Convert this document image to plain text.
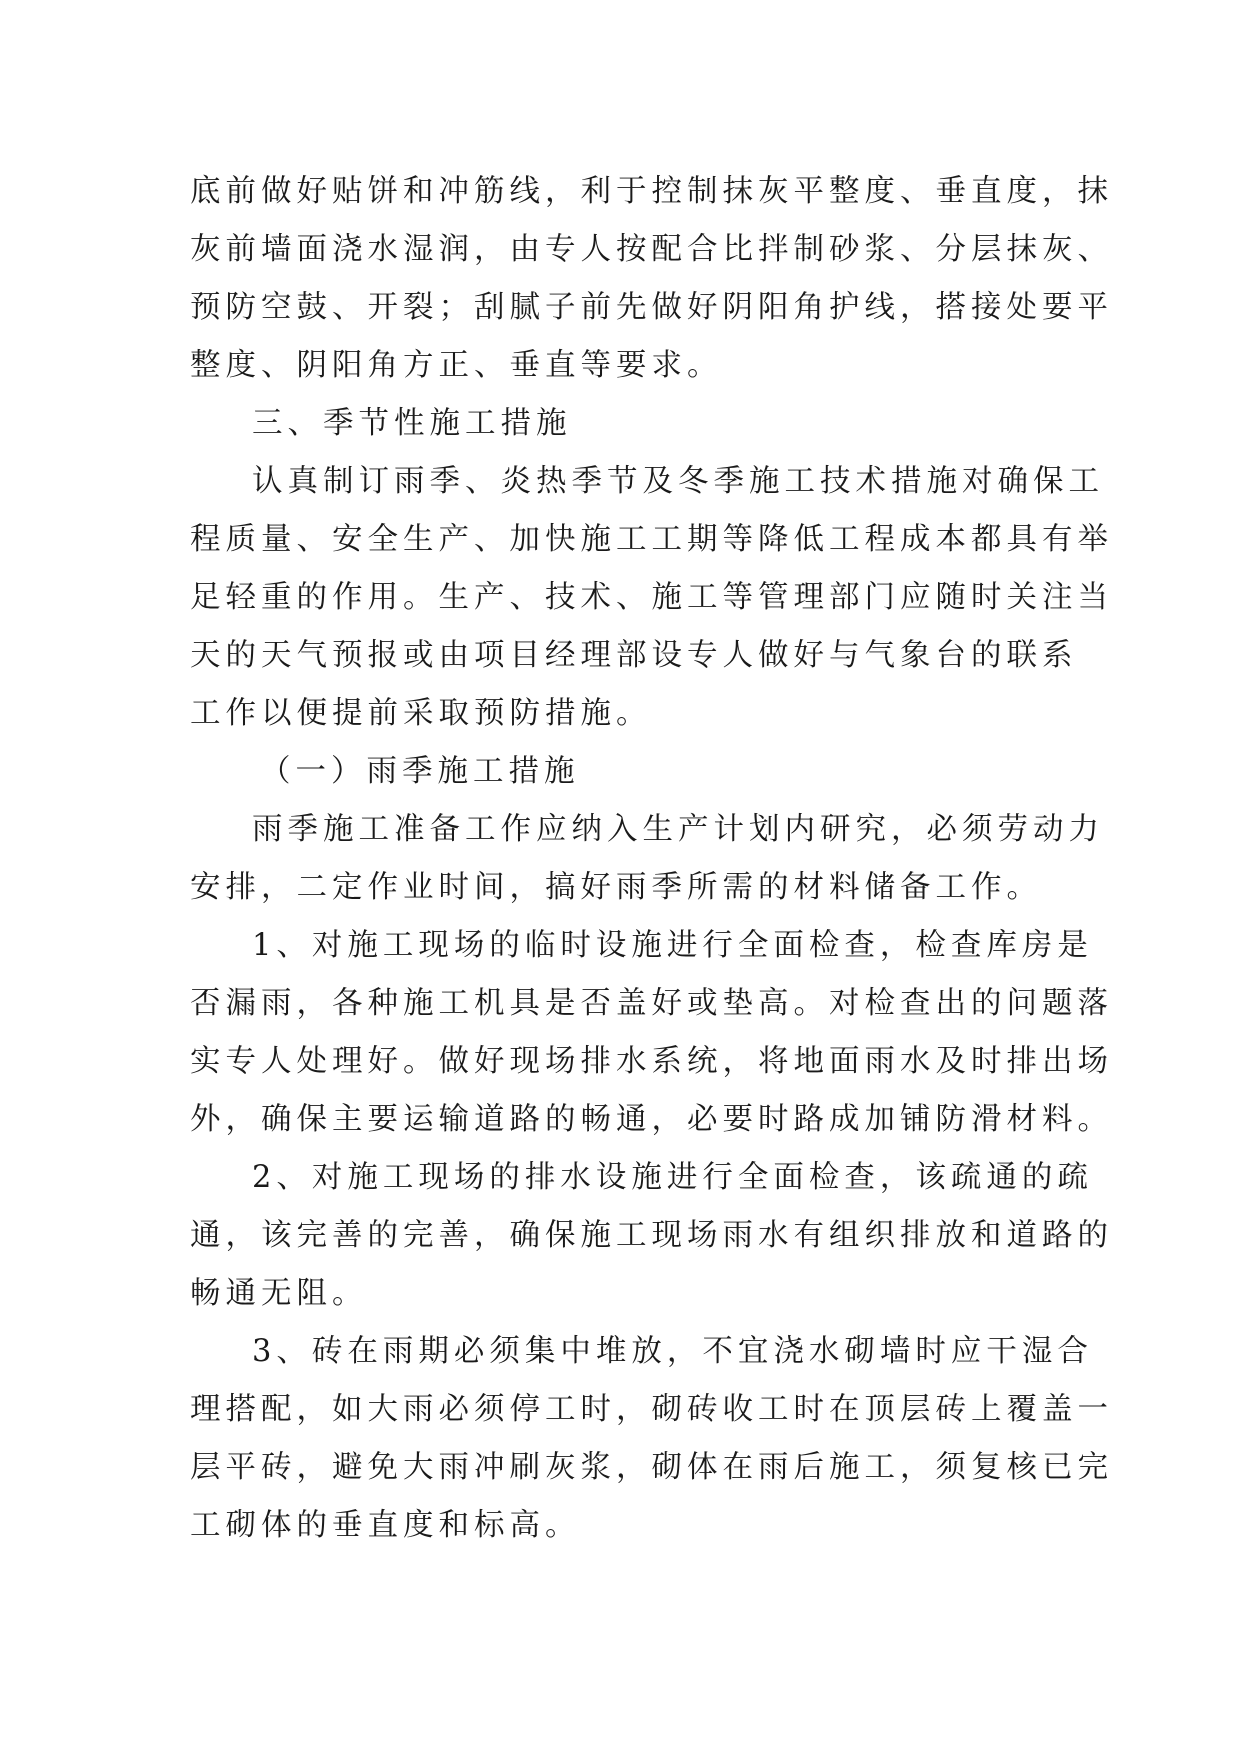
底前做好贴饼和冲筋线，利于控制抹灰平整度、垂直度，抹
灰前墙面浇水湿润，由专人按配合比拌制砂浆、分层抹灰、
预防空鼓、开裂；刮腻子前先做好阴阳角护线，搭接处要平
整度、阴阳角方正、垂直等要求。
三、季节性施工措施
认真制订雨季、炎热季节及冬季施工技术措施对确保工
程质量、安全生产、加快施工工期等降低工程成本都具有举
足轻重的作用。生产、技术、施工等管理部门应随时关注当
天的天气预报或由项目经理部设专人做好与气象台的联系
工作以便提前采取预防措施。
（一）雨季施工措施
雨季施工准备工作应纳入生产计划内研究，必须劳动力
安排，二定作业时间，搞好雨季所需的材料储备工作。
1、对施工现场的临时设施进行全面检查，检查库房是
否漏雨，各种施工机具是否盖好或垫高。对检查出的问题落
实专人处理好。做好现场排水系统，将地面雨水及时排出场
外，确保主要运输道路的畅通，必要时路成加铺防滑材料。
2、对施工现场的排水设施进行全面检查，该疏通的疏
通，该完善的完善，确保施工现场雨水有组织排放和道路的
畅通无阻。
3、砖在雨期必须集中堆放，不宜浇水砌墙时应干湿合
理搭配，如大雨必须停工时，砌砖收工时在顶层砖上覆盖一
层平砖，避免大雨冲刷灰浆，砌体在雨后施工，须复核已完
工砌体的垂直度和标高。
